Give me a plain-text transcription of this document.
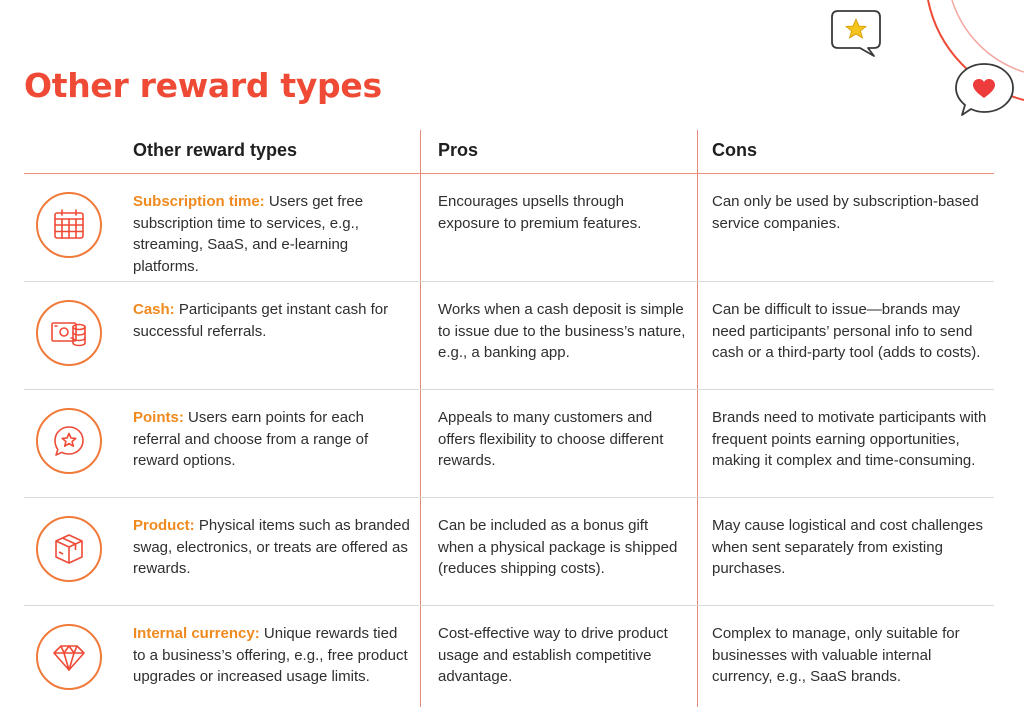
Other reward types
Other reward types	Pros	Cons
Subscription time: Users get free subscription time to services, e.g., streaming, SaaS, and e-learning platforms.
Encourages upsells through exposure to premium features.
Can only be used by subscription-based service companies.
Cash: Participants get instant cash for successful referrals.
Works when a cash deposit is simple to issue due to the business’s nature, e.g., a banking app.
Can be difficult to issue—brands may need participants’ personal info to send cash or a third-party tool (adds to costs).
Points: Users earn points for each referral and choose from a range of reward options.
Appeals to many customers and offers flexibility to choose different rewards.
Brands need to motivate participants with frequent points earning opportunities, making it complex and time-consuming.
Product: Physical items such as branded swag, electronics, or treats are offered as rewards.
Can be included as a bonus gift when a physical package is shipped (reduces shipping costs).
May cause logistical and cost challenges when sent separately from existing purchases.
Internal currency: Unique rewards tied to a business’s offering, e.g., free product upgrades or increased usage limits.
Cost-effective way to drive product usage and establish competitive advantage.
Complex to manage, only suitable for businesses with valuable internal currency, e.g., SaaS brands.
